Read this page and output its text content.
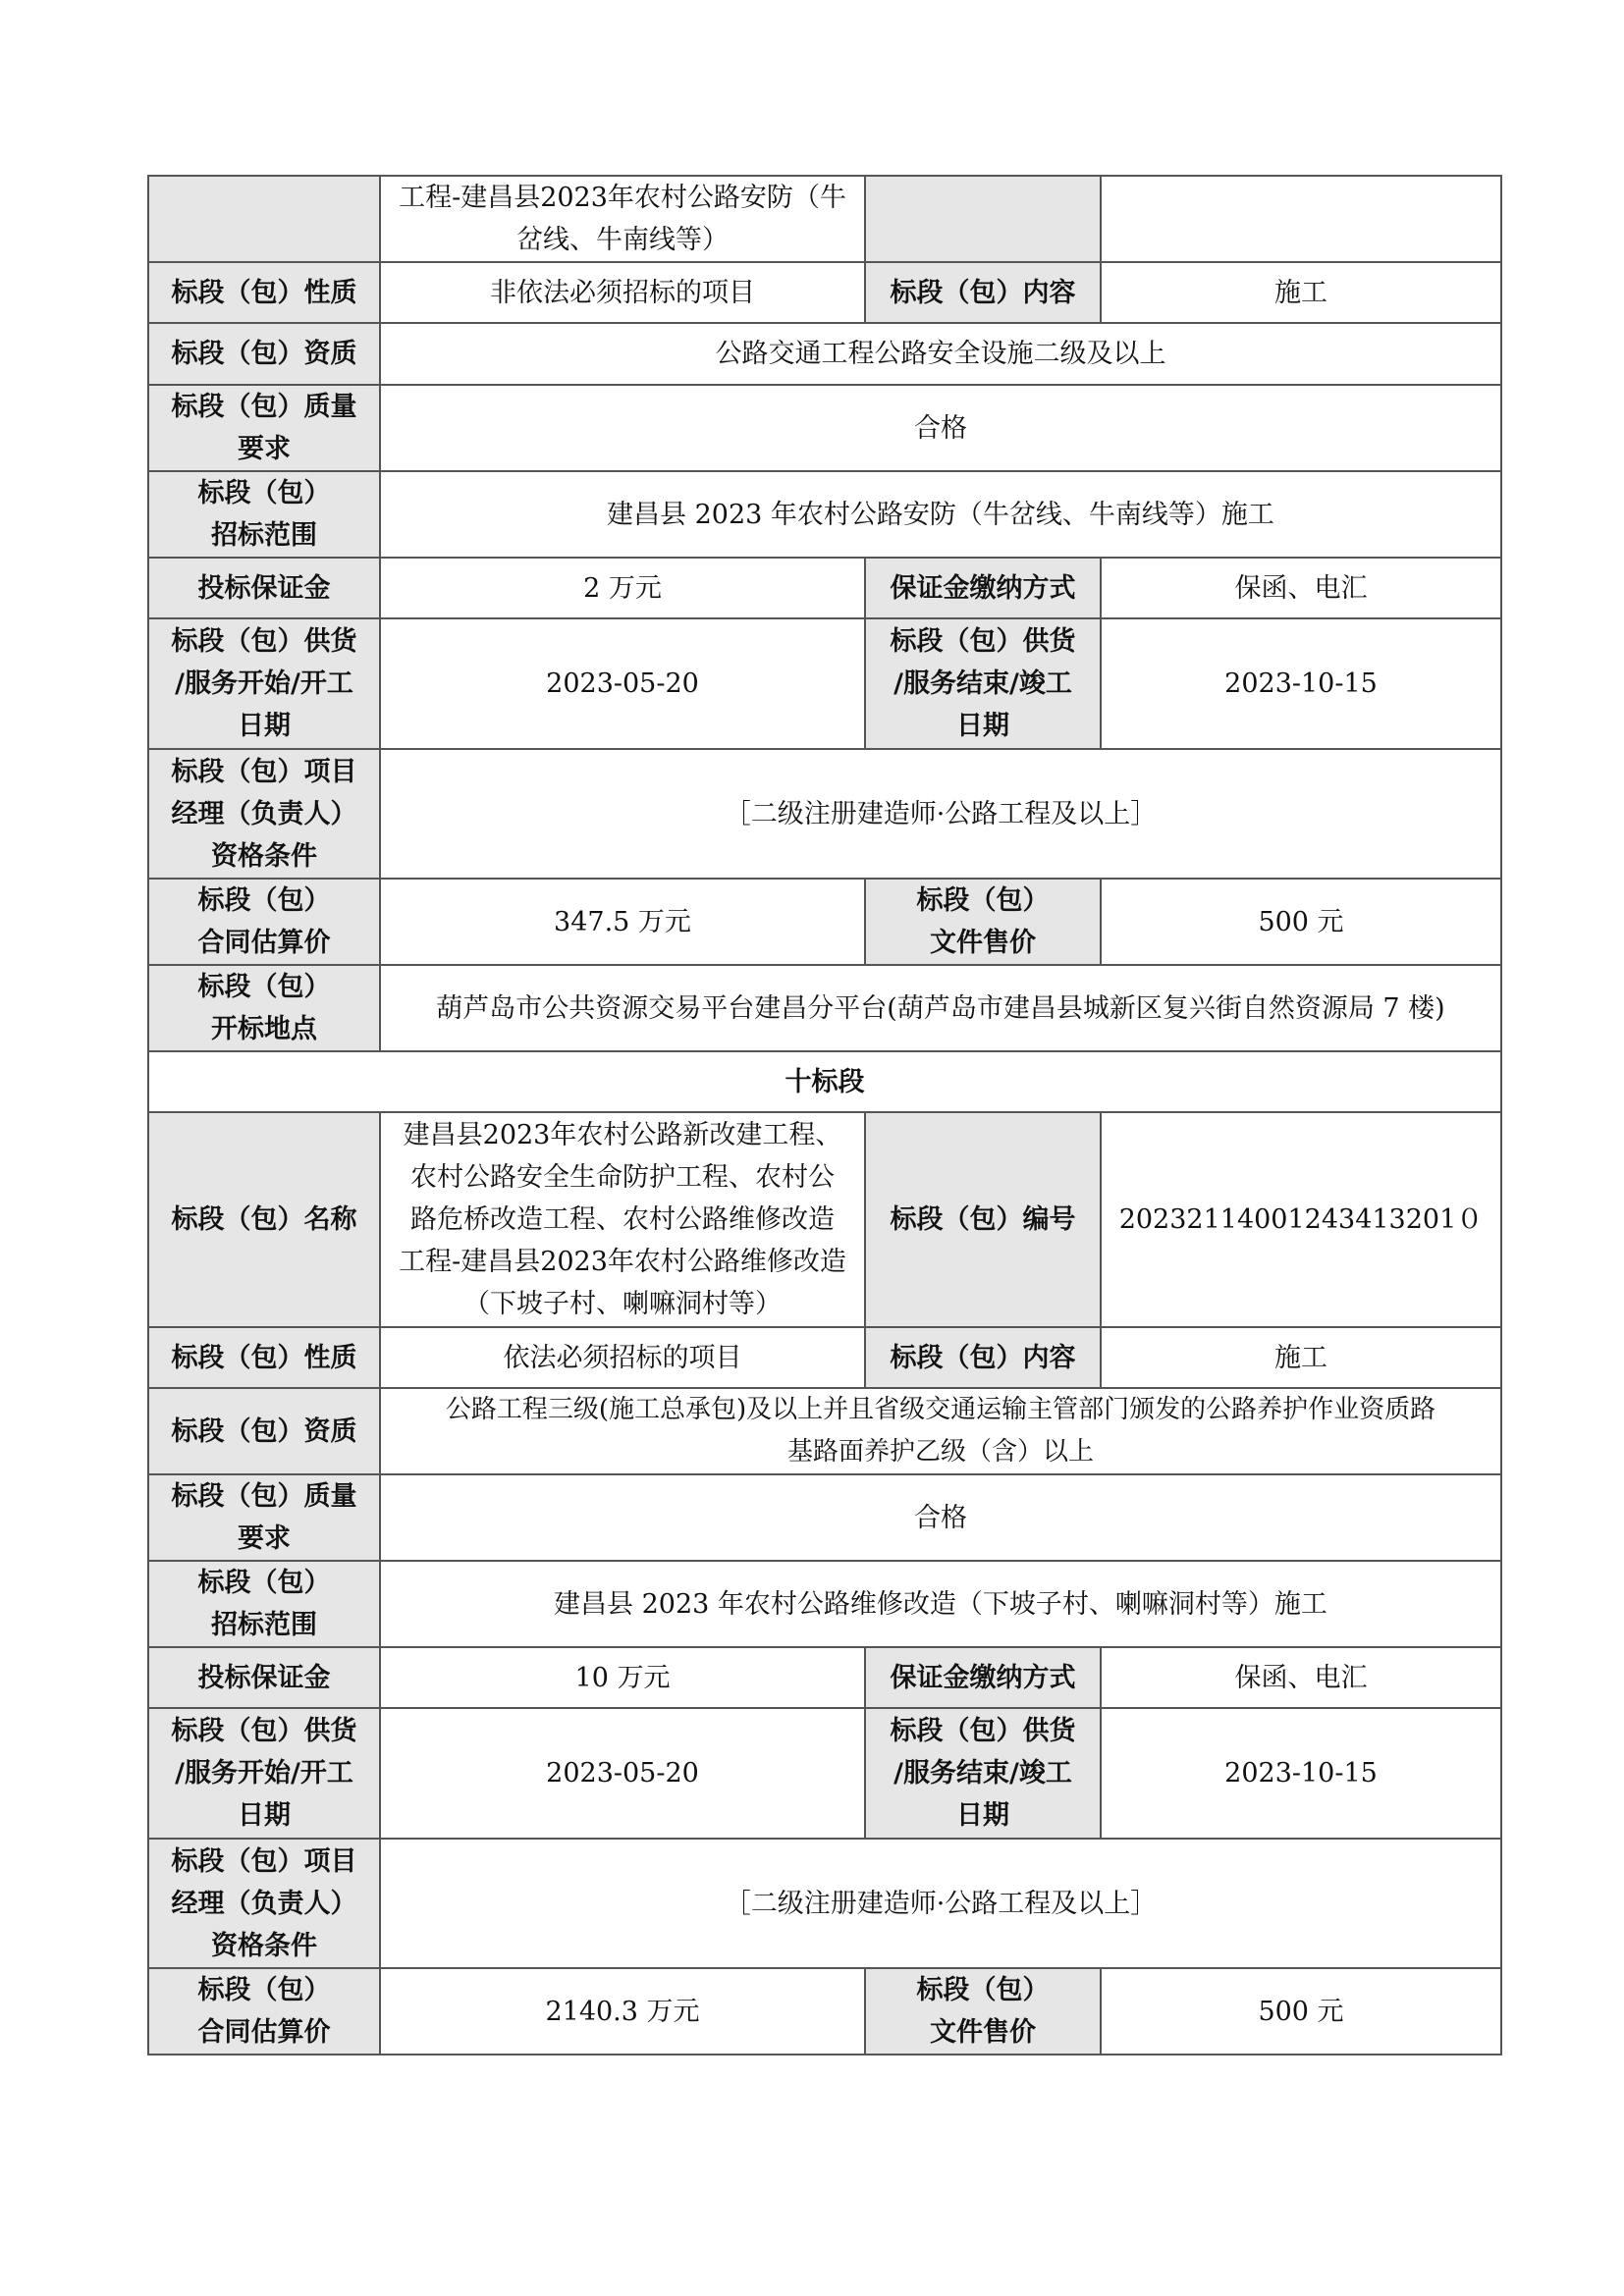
	工程-建昌县2023年农村公路安防（牛
岔线、牛南线等）		

标段（包）性质	非依法必须招标的项目	标段（包）内容	施工
标段（包）资质	公路交通工程公路安全设施二级及以上		

标段（包）质量
要求	合格		

标段（包）
招标范围	建昌县 2023 年农村公路安防（牛岔线、牛南线等）施工		
投标保证金	2 万元	保证金缴纳方式	保函、电汇

标段（包）供货
/服务开始/开工
日期	2023-05-20	标段（包）供货
/服务结束/竣工
日期	2023-10-15

标段（包）项目
经理（负责人）
资格条件	［二级注册建造师·公路工程及以上］		

标段（包）
合同估算价	347.5 万元	标段（包）
文件售价	500 元

标段（包）
开标地点	葫芦岛市公共资源交易平台建昌分平台(葫芦岛市建昌县城新区复兴街自然资源局 7 楼)		
十标段			
标段（包）名称	建昌县2023年农村公路新改建工程、
农村公路安全生命防护工程、农村公
路危桥改造工程、农村公路维修改造
工程-建昌县2023年农村公路维修改造
（下坡子村、喇嘛洞村等）	标段（包）编号	20232114001243413201０
标段（包）性质	依法必须招标的项目	标段（包）内容	施工
标段（包）资质	公路工程三级(施工总承包)及以上并且省级交通运输主管部门颁发的公路养护作业资质路
基路面养护乙级（含）以上		

标段（包）质量
要求	合格		

标段（包）
招标范围	建昌县 2023 年农村公路维修改造（下坡子村、喇嘛洞村等）施工		
投标保证金	10 万元	保证金缴纳方式	保函、电汇

标段（包）供货
/服务开始/开工
日期	2023-05-20	标段（包）供货
/服务结束/竣工
日期	2023-10-15

标段（包）项目
经理（负责人）
资格条件	［二级注册建造师·公路工程及以上］		

标段（包）
合同估算价	2140.3 万元	标段（包）
文件售价	500 元
